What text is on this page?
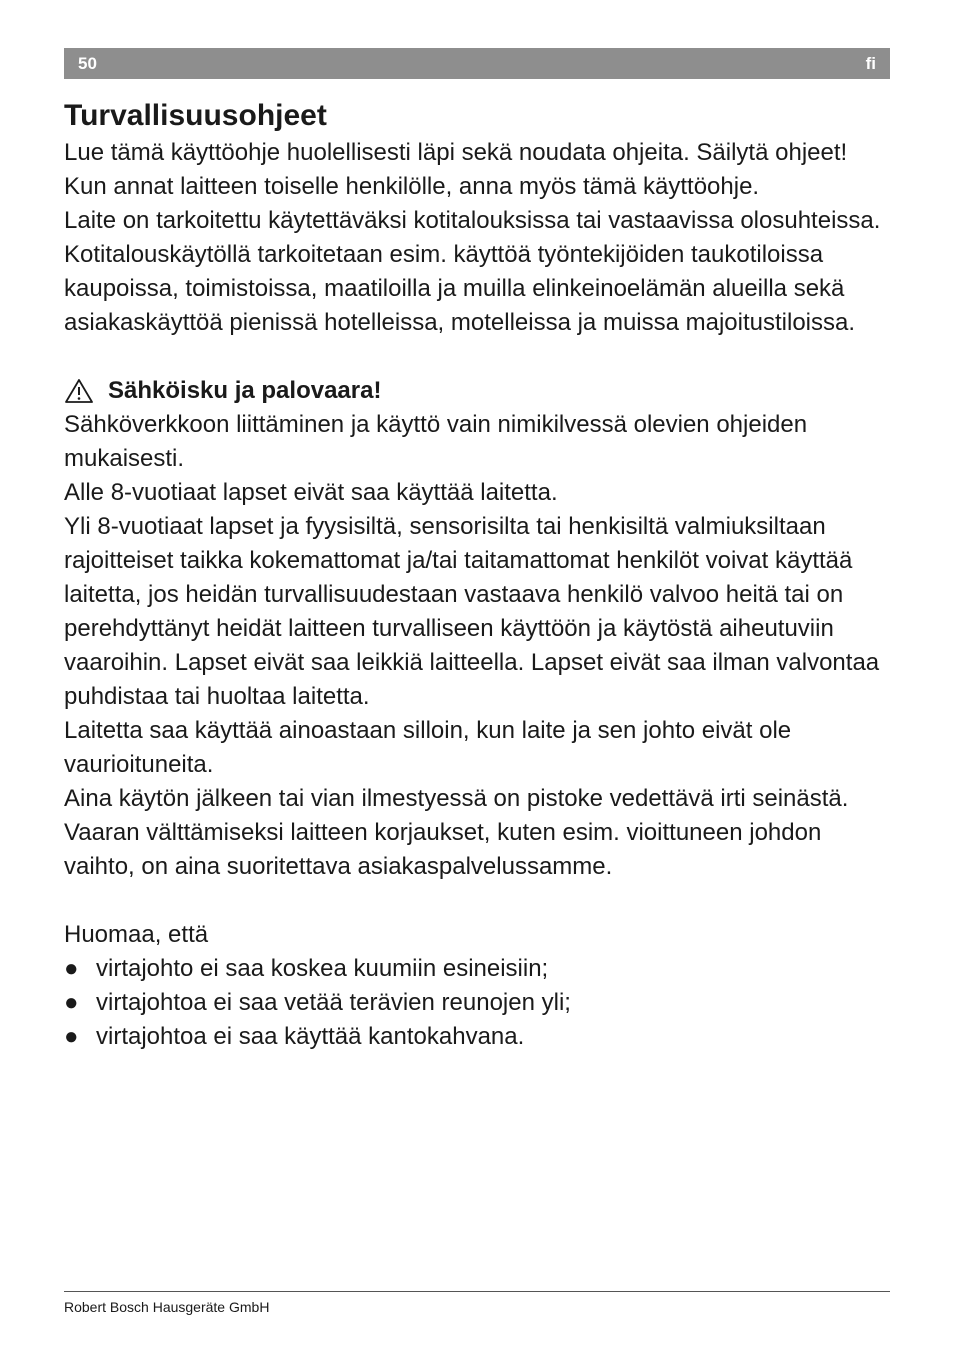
50	fi
Turvallisuusohjeet

Lue tämä käyttöohje huolellisesti läpi sekä noudata ohjeita. Säilytä ohjeet!

Kun annat laitteen toiselle henkilölle, anna myös tämä käyttöohje.

Laite on tarkoitettu käytettäväksi kotitalouksissa tai vastaavissa olosuhteissa. Kotitalouskäytöllä tarkoitetaan esim. käyttöä työntekijöiden taukotiloissa kaupoissa, toimistoissa, maatiloilla ja muilla elinkeinoelämän alueilla sekä asiakaskäyttöä pienissä hotelleissa, motelleissa ja muissa majoitustiloissa.

Sähköisku ja palovaara!

Sähköverkkoon liittäminen ja käyttö vain nimikilvessä olevien ohjeiden mukaisesti.

Alle 8-vuotiaat lapset eivät saa käyttää laitetta.

Yli 8-vuotiaat lapset ja fyysisiltä, sensorisilta tai henkisiltä valmiuksiltaan rajoitteiset taikka kokemattomat ja/tai taitamattomat henkilöt voivat käyttää laitetta, jos heidän turvallisuudestaan vastaava henkilö valvoo heitä tai on perehdyttänyt heidät laitteen turvalliseen käyttöön ja käytöstä aiheutuviin vaaroihin. Lapset eivät saa leikkiä laitteella. Lapset eivät saa ilman valvontaa puhdistaa tai huoltaa laitetta.

Laitetta saa käyttää ainoastaan silloin, kun laite ja sen johto eivät ole vaurioituneita.

Aina käytön jälkeen tai vian ilmestyessä on pistoke vedettävä irti seinästä.

Vaaran välttämiseksi laitteen korjaukset, kuten esim. vioittuneen johdon vaihto, on aina suoritettava asiakaspalvelussamme.

Huomaa, että

● virtajohto ei saa koskea kuumiin esineisiin;
● virtajohtoa ei saa vetää terävien reunojen yli;
● virtajohtoa ei saa käyttää kantokahvana.
Robert Bosch Hausgeräte GmbH
